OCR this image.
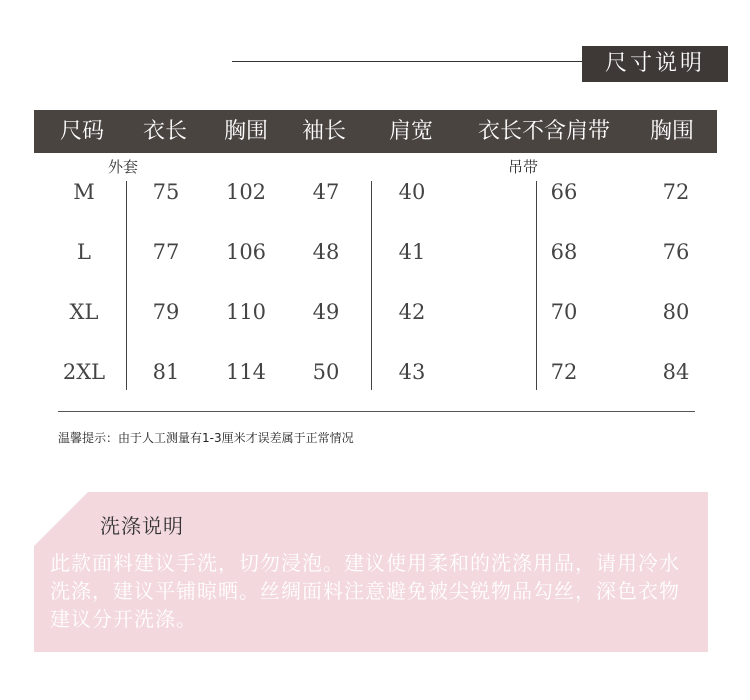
尺寸说明
尺码 衣长 胸围 袖长 肩宽 衣长不含肩带 胸围
外套	吊带
M	75 102 47	40	66	72
L	77 106 48	41	68	76
XL	79 110 49	42	70	80
2XL 81 114 50	43	72	84
温馨提示：由于人工测量有1-3厘米才误差属于正常情况
洗涤说明
此款面料建议手洗，切勿浸泡。建议使用柔和的洗涤用品，请用冷水洗涤，建议平铺晾晒。丝绸面料注意避免被尖锐物品勾丝，深色衣物建议分开洗涤。
